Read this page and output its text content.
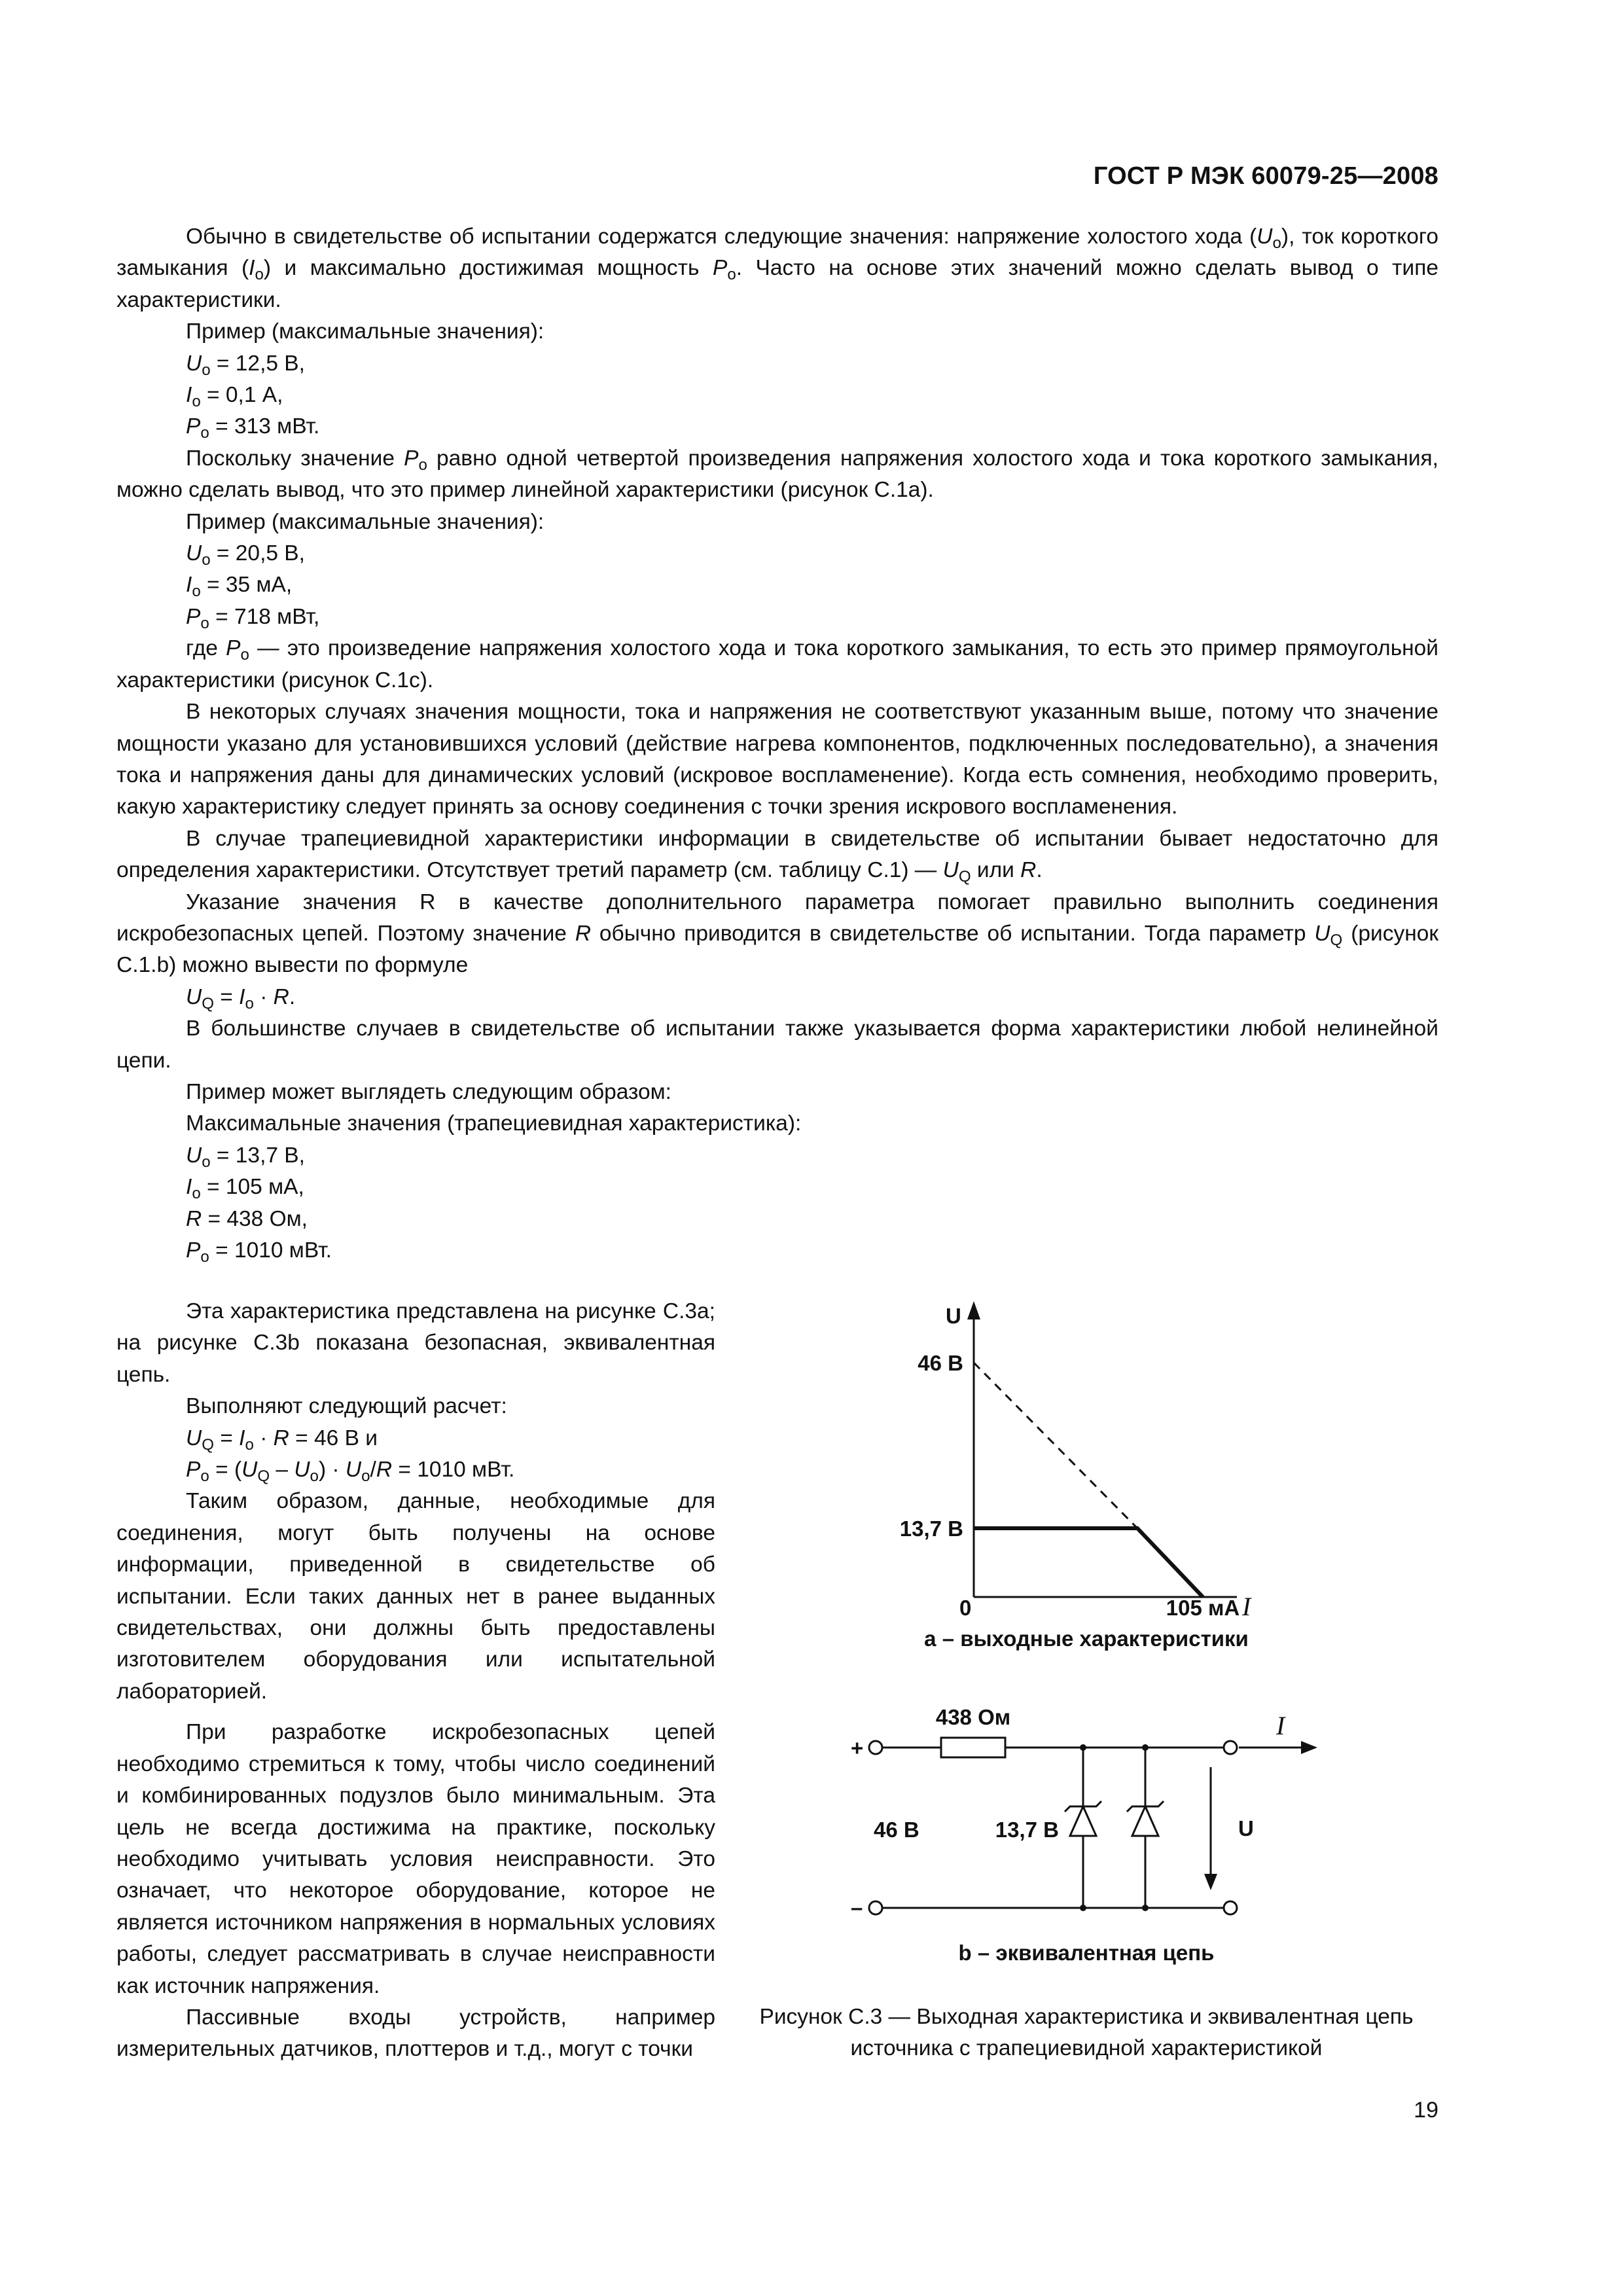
ГОСТ Р МЭК 60079-25—2008

Обычно в свидетельстве об испытании содержатся следующие значения: напряжение холостого хода $(U_о)$, ток короткого замыкания $(I_о)$ и максимально достижимая мощность $P_о$. Часто на основе этих значений можно сделать вывод о типе характеристики.

Пример (максимальные значения):

$U_о = 12,5$ В,

$I_о = 0,1$ А,

$P_о = 313$ мВт.

Поскольку значение $P_о$ равно одной четвертой произведения напряжения холостого хода и тока короткого замыкания, можно сделать вывод, что это пример линейной характеристики (рисунок С.1а).

Пример (максимальные значения):

$U_о = 20,5$ В,

$I_о = 35$ мА,

$P_о = 718$ мВт,

где $P_о$ — это произведение напряжения холостого хода и тока короткого замыкания, то есть это пример прямоугольной характеристики (рисунок С.1с).

В некоторых случаях значения мощности, тока и напряжения не соответствуют указанным выше, потому что значение мощности указано для установившихся условий (действие нагрева компонентов, подключенных последовательно), а значения тока и напряжения даны для динамических условий (искровое воспламенение). Когда есть сомнения, необходимо проверить, какую характеристику следует принять за основу соединения с точки зрения искрового воспламенения.

В случае трапециевидной характеристики информации в свидетельстве об испытании бывает недостаточно для определения характеристики. Отсутствует третий параметр (см. таблицу С.1) — $U_Q$ или R.

Указание значения R в качестве дополнительного параметра помогает правильно выполнить соединения искробезопасных цепей. Поэтому значение R обычно приводится в свидетельстве об испытании. Тогда параметр $U_Q$ (рисунок С.1.b) можно вывести по формуле

$U_Q = I_о \cdot R$.

В большинстве случаев в свидетельстве об испытании также указывается форма характеристики любой нелинейной цепи.

Пример может выглядеть следующим образом:

Максимальные значения (трапециевидная характеристика):

$U_о = 13,7$ В,

$I_о = 105$ мА,

R = 438 Ом,

$P_о = 1010$ мВт.

Эта характеристика представлена на рисунке С.3а; на рисунке С.3b показана безопасная, эквивалентная цепь.

Выполняют следующий расчет:

$U_Q = I_о \cdot R = 46$ В и

$P_о = (U_Q - U_о) \cdot U_о/R = 1010$ мВт.

Таким образом, данные, необходимые для соединения, могут быть получены на основе информации, приведенной в свидетельстве об испытании. Если таких данных нет в ранее выданных свидетельствах, они должны быть предоставлены изготовителем оборудования или испытательной лабораторией.

При разработке искробезопасных цепей необходимо стремиться к тому, чтобы число соединений и комбинированных подузлов было минимальным. Эта цель не всегда достижима на практике, поскольку необходимо учитывать условия неисправности. Это означает, что некоторое оборудование, которое не является источником напряжения в нормальных условиях работы, следует рассматривать в случае неисправности как источник напряжения.

Пассивные входы устройств, например измерительных датчиков, плоттеров и т.д., могут с точки

U
46 В
13,7 В
0	105 мА I
+
–
438 Ом
46 В	13,7 В
I
U
а – выходные характеристики
b – эквивалентная цепь
Рисунок С.3 — Выходная характеристика и эквивалентная цепь источника с трапециевидной характеристикой
19
